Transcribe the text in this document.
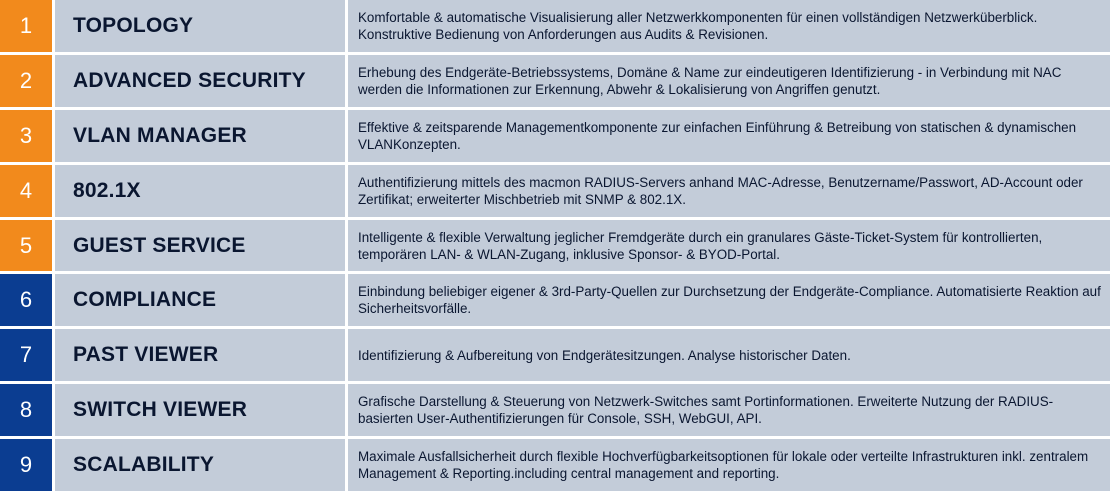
1	TOPOLOGY	Komfortable & automatische Visualisierung aller Netzwerkkomponenten für einen vollständigen Netzwerküberblick. Konstruktive Bedienung von Anforderungen aus Audits & Revisionen.
2	ADVANCED SECURITY	Erhebung des Endgeräte-Betriebssystems, Domäne & Name zur eindeutigeren Identifizierung - in Verbindung mit NAC werden die Informationen zur Erkennung, Abwehr & Lokalisierung von Angriffen genutzt.
3	VLAN MANAGER	Effektive & zeitsparende Managementkomponente zur einfachen Einführung & Betreibung von statischen & dynamischen VLANKonzepten.
4	802.1X	Authentifizierung mittels des macmon RADIUS-Servers anhand MAC-Adresse, Benutzername/Passwort, AD-Account oder Zertifikat; erweiterter Mischbetrieb mit SNMP & 802.1X.
5	GUEST SERVICE	Intelligente & flexible Verwaltung jeglicher Fremdgeräte durch ein granulares Gäste-Ticket-System für kontrollierten, temporären LAN- & WLAN-Zugang, inklusive Sponsor- & BYOD-Portal.
6	COMPLIANCE	Einbindung beliebiger eigener & 3rd-Party-Quellen zur Durchsetzung der Endgeräte-Compliance. Automatisierte Reaktion auf Sicherheitsvorfälle.
7	PAST VIEWER	Identifizierung & Aufbereitung von Endgerätesitzungen. Analyse historischer Daten.
8	SWITCH VIEWER	Grafische Darstellung & Steuerung von Netzwerk-Switches samt Portinformationen. Erweiterte Nutzung der RADIUS-basierten User-Authentifizierungen für Console, SSH, WebGUI, API.
9	SCALABILITY	Maximale Ausfallsicherheit durch flexible Hochverfügbarkeitsoptionen für lokale oder verteilte Infrastrukturen inkl. zentralem Management & Reporting.including central management and reporting.
